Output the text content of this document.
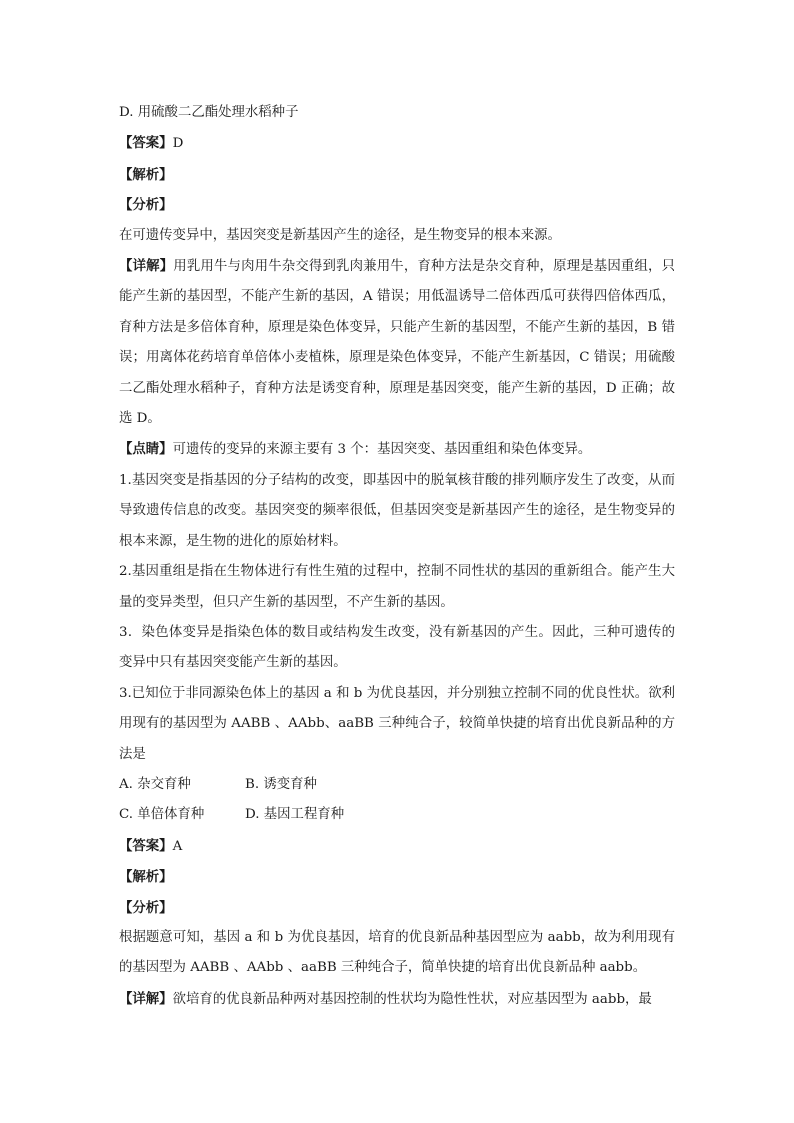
D. 用硫酸二乙酯处理水稻种子

【答案】D

【解析】

【分析】

在可遗传变异中，基因突变是新基因产生的途径，是生物变异的根本来源。

【详解】用乳用牛与肉用牛杂交得到乳肉兼用牛，育种方法是杂交育种，原理是基因重组，只能产生新的基因型，不能产生新的基因，A 错误；用低温诱导二倍体西瓜可获得四倍体西瓜，育种方法是多倍体育种，原理是染色体变异，只能产生新的基因型，不能产生新的基因，B 错误；用离体花药培育单倍体小麦植株，原理是染色体变异，不能产生新基因，C 错误；用硫酸二乙酯处理水稻种子，育种方法是诱变育种，原理是基因突变，能产生新的基因，D 正确；故选 D。

【点睛】可遗传的变异的来源主要有 3 个：基因突变、基因重组和染色体变异。

1.基因突变是指基因的分子结构的改变，即基因中的脱氧核苷酸的排列顺序发生了改变，从而导致遗传信息的改变。基因突变的频率很低，但基因突变是新基因产生的途径，是生物变异的根本来源，是生物的进化的原始材料。

2.基因重组是指在生物体进行有性生殖的过程中，控制不同性状的基因的重新组合。能产生大量的变异类型，但只产生新的基因型，不产生新的基因。

3．染色体变异是指染色体的数目或结构发生改变，没有新基因的产生。因此，三种可遗传的变异中只有基因突变能产生新的基因。

3.已知位于非同源染色体上的基因 a 和 b 为优良基因，并分别独立控制不同的优良性状。欲利用现有的基因型为 AABB 、AAbb、aaBB 三种纯合子，较简单快捷的培育出优良新品种的方法是

A. 杂交育种	B. 诱变育种
C. 单倍体育种	D. 基因工程育种

【答案】A

【解析】

【分析】

根据题意可知，基因 a 和 b 为优良基因，培育的优良新品种基因型应为 aabb，故为利用现有的基因型为 AABB 、AAbb 、aaBB 三种纯合子，简单快捷的培育出优良新品种 aabb。

【详解】欲培育的优良新品种两对基因控制的性状均为隐性性状，对应基因型为 aabb，最
